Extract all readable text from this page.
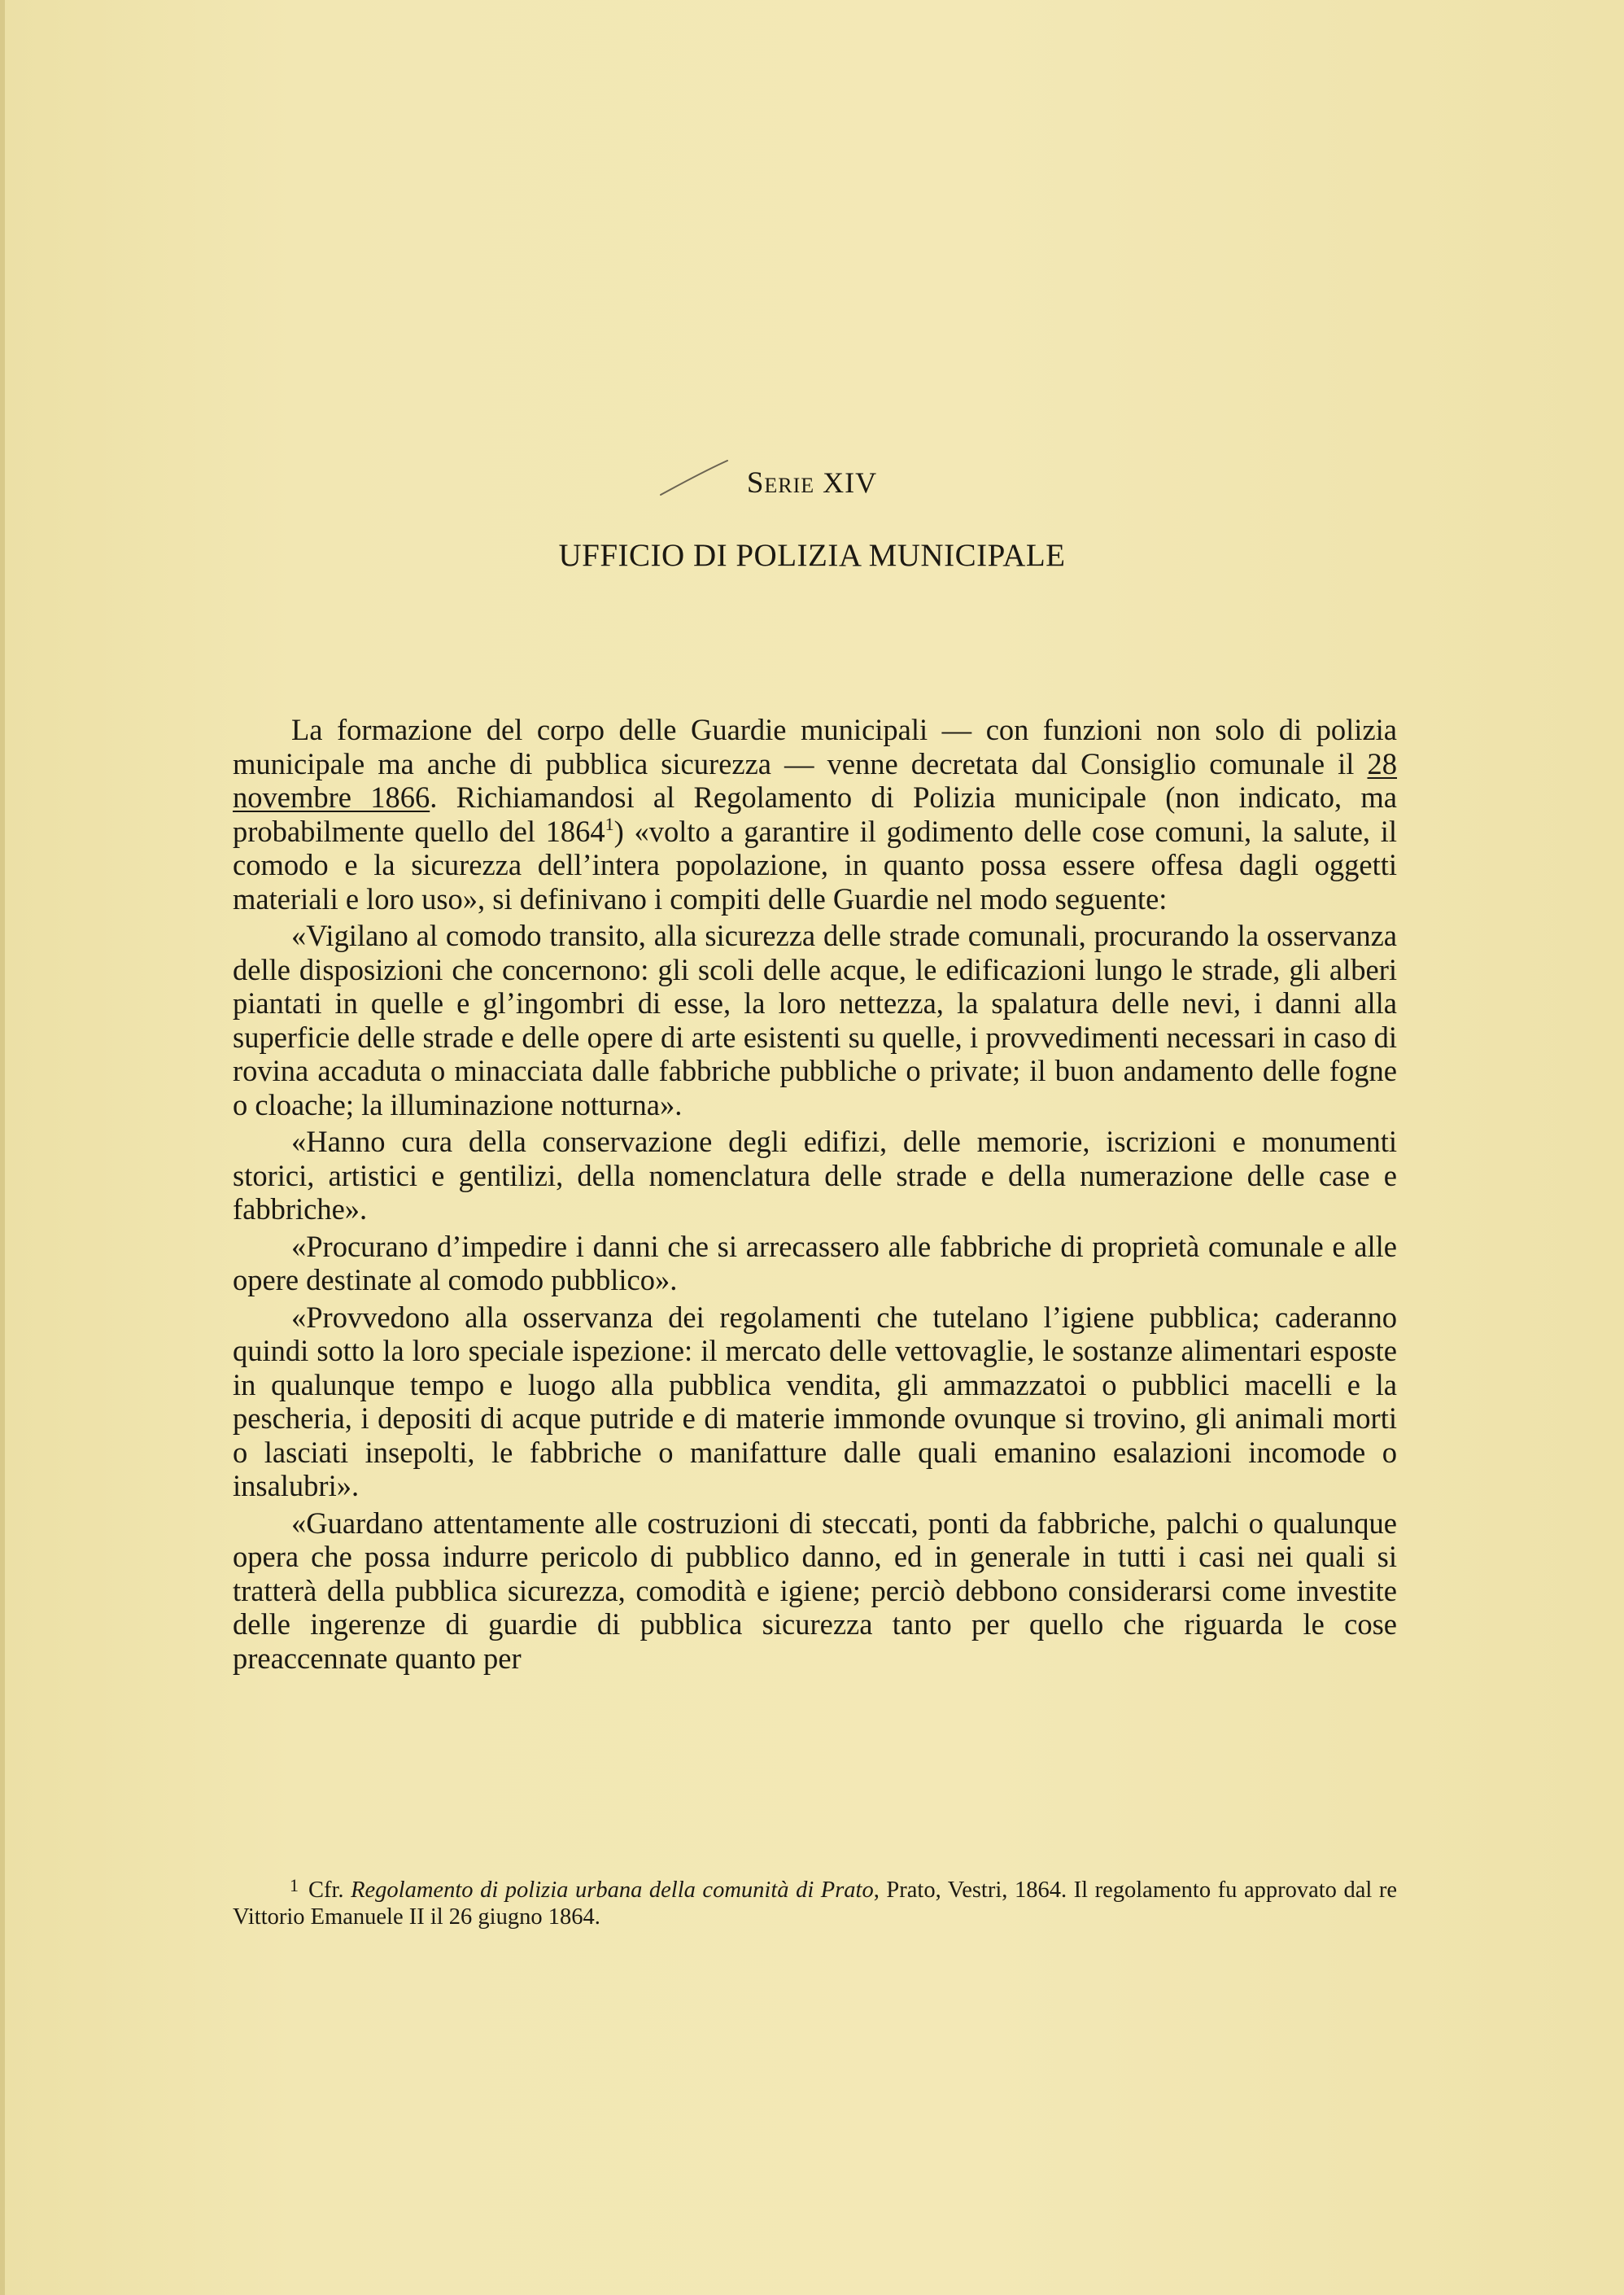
Serie XIV
UFFICIO DI POLIZIA MUNICIPALE

La formazione del corpo delle Guardie municipali — con funzioni non solo di polizia municipale ma anche di pubblica sicurezza — venne decretata dal Consiglio comunale il 28 novembre 1866. Richiamandosi al Regolamento di Polizia municipale (non indicato, ma probabilmente quello del 1864$^1$) «volto a garantire il godimento delle cose comuni, la salute, il comodo e la sicurezza dell’intera popolazione, in quanto possa essere offesa dagli oggetti materiali e loro uso», si definivano i compiti delle Guardie nel modo seguente:

«Vigilano al comodo transito, alla sicurezza delle strade comunali, procurando la osservanza delle disposizioni che concernono: gli scoli delle acque, le edificazioni lungo le strade, gli alberi piantati in quelle e gl’ingombri di esse, la loro nettezza, la spalatura delle nevi, i danni alla superficie delle strade e delle opere di arte esistenti su quelle, i provvedimenti necessari in caso di rovina accaduta o minacciata dalle fabbriche pubbliche o private; il buon andamento delle fogne o cloache; la illuminazione notturna».

«Hanno cura della conservazione degli edifizi, delle memorie, iscrizioni e monumenti storici, artistici e gentilizi, della nomenclatura delle strade e della numerazione delle case e fabbriche».

«Procurano d’impedire i danni che si arrecassero alle fabbriche di proprietà comunale e alle opere destinate al comodo pubblico».

«Provvedono alla osservanza dei regolamenti che tutelano l’igiene pubblica; caderanno quindi sotto la loro speciale ispezione: il mercato delle vettovaglie, le sostanze alimentari esposte in qualunque tempo e luogo alla pubblica vendita, gli ammazzatoi o pubblici macelli e la pescheria, i depositi di acque putride e di materie immonde ovunque si trovino, gli animali morti o lasciati insepolti, le fabbriche o manifatture dalle quali emanino esalazioni incomode o insalubri».

«Guardano attentamente alle costruzioni di steccati, ponti da fabbriche, palchi o qualunque opera che possa indurre pericolo di pubblico danno, ed in generale in tutti i casi nei quali si tratterà della pubblica sicurezza, comodità e igiene; perciò debbono considerarsi come investite delle ingerenze di guardie di pubblica sicurezza tanto per quello che riguarda le cose preaccennate quanto per

$^1$ Cfr. Regolamento di polizia urbana della comunità di Prato, Prato, Vestri, 1864. Il regolamento fu approvato dal re Vittorio Emanuele II il 26 giugno 1864.
